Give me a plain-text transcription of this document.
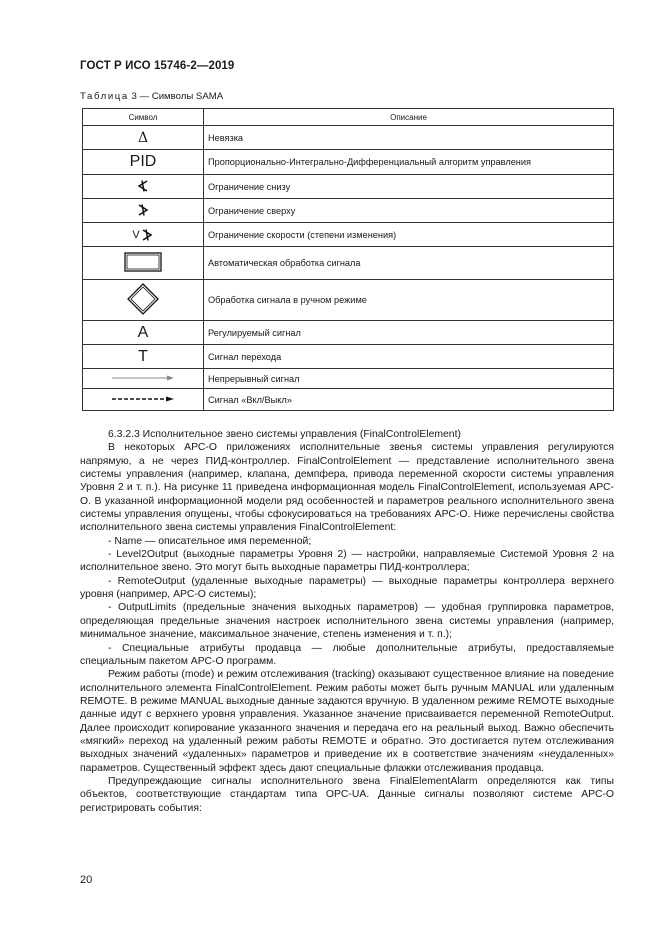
ГОСТ Р ИСО 15746-2—2019
Таблица 3 — Символы SAMA
Символ	Описание
Δ	Невязка
PID	Пропорционально-Интегрально-Дифференциальный алгоритм управления
	Ограничение снизу
	Ограничение сверху

V	Ограничение скорости (степени изменения)
	Автоматическая обработка сигнала
	Обработка сигнала в ручном режиме
A	Регулируемый сигнал
T	Сигнал перехода
	Непрерывный сигнал
	Сигнал «Вкл/Выкл»

6.3.2.3 Исполнительное звено системы управления (FinalControlElement)

В некоторых АРС-О приложениях исполнительные звенья системы управления регулируются напрямую, а не через ПИД-контроллер. FinalControlElement — представление исполнительного звена системы управления (например, клапана, демпфера, привода переменной скорости системы управления Уровня 2 и т. п.). На рисунке 11 приведена информационная модель FinalControlElement, используемая АРС-О. В указанной информационной модели ряд особенностей и параметров реального исполнительного звена системы управления опущены, чтобы сфокусироваться на требованиях АРС-О. Ниже перечислены свойства исполнительного звена системы управления FinalControlElement:

- Name — описательное имя переменной;

- Level2Output (выходные параметры Уровня 2) — настройки, направляемые Системой Уровня 2 на исполнительное звено. Это могут быть выходные параметры ПИД-контроллера;

- RemoteOutput (удаленные выходные параметры) — выходные параметры контроллера верхнего уровня (например, АРС-О системы);

- OutputLimits (предельные значения выходных параметров) — удобная группировка параметров, определяющая предельные значения настроек исполнительного звена системы управления (например, минимальное значение, максимальное значение, степень изменения и т. п.);

- Специальные атрибуты продавца — любые дополнительные атрибуты, предоставляемые специальным пакетом АРС-О программ.

Режим работы (mode) и режим отслеживания (tracking) оказывают существенное влияние на поведение исполнительного элемента FinalControlElement. Режим работы может быть ручным MANUAL или удаленным REMOTE. В режиме MANUAL выходные данные задаются вручную. В удаленном режиме REMOTE выходные данные идут с верхнего уровня управления. Указанное значение присваивается переменной RemoteOutput. Далее происходит копирование указанного значения и передача его на реальный выход. Важно обеспечить «мягкий» переход на удаленный режим работы REMOTE и обратно. Это достигается путем отслеживания выходных значений «удаленных» параметров и приведение их в соответствие значениям «неудаленных» параметров. Существенный эффект здесь дают специальные флажки отслеживания продавца.

Предупреждающие сигналы исполнительного звена FinalElementAlarm определяются как типы объектов, соответствующие стандартам типа OPC-UA. Данные сигналы позволяют системе АРС-О регистрировать события:

20
